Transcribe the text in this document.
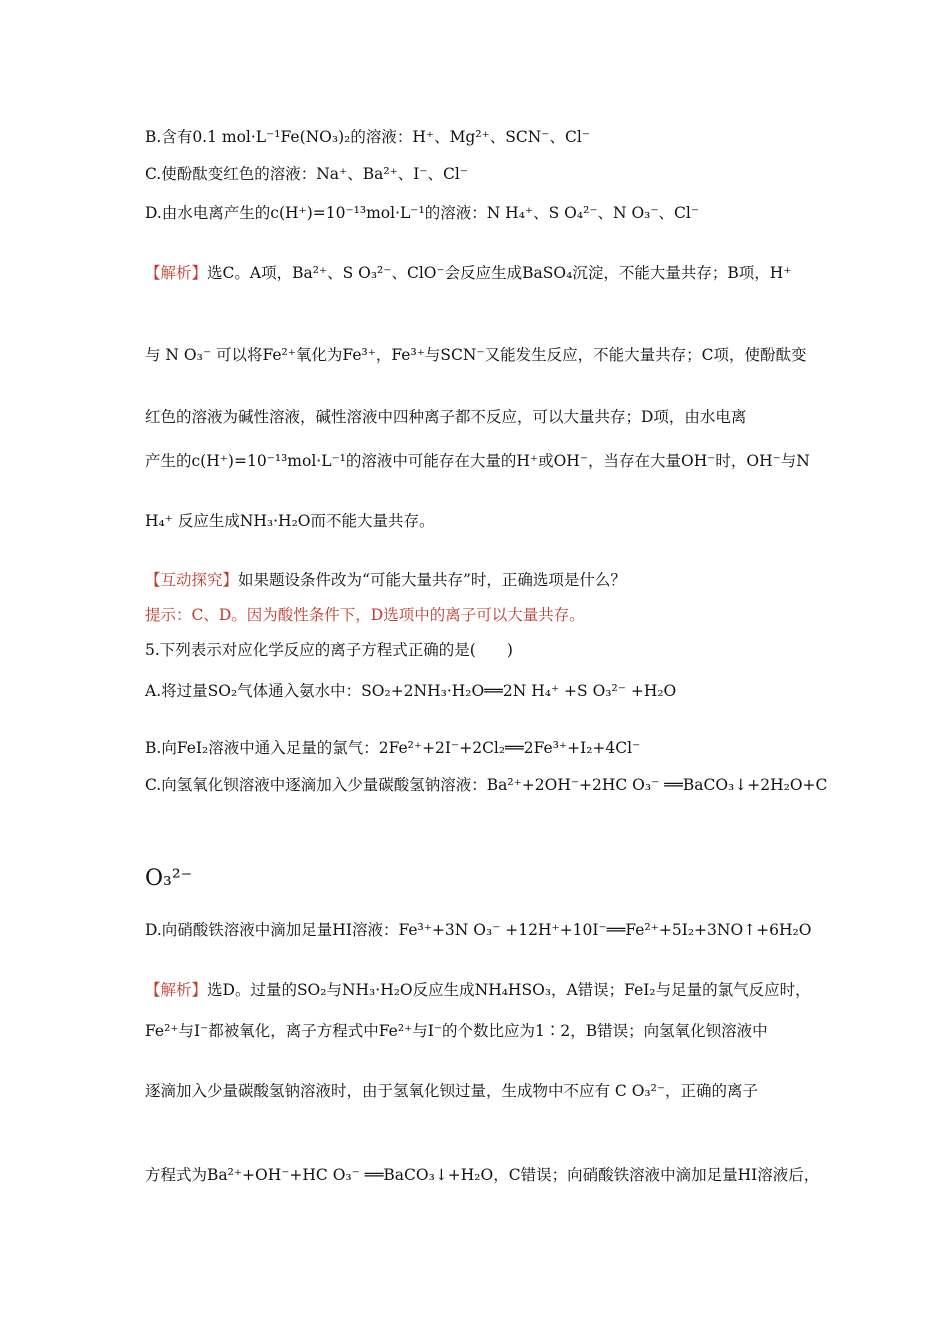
B.含有0.1 mol·L⁻¹Fe(NO₃)₂的溶液：H⁺、Mg²⁺、SCN⁻、Cl⁻
C.使酚酞变红色的溶液：Na⁺、Ba²⁺、I⁻、Cl⁻
D.由水电离产生的c(H⁺)=10⁻¹³mol·L⁻¹的溶液：N H₄⁺、S O₄²⁻、N O₃⁻、Cl⁻
【解析】选C。A项，Ba²⁺、S O₃²⁻、ClO⁻会反应生成BaSO₄沉淀，不能大量共存；B项，H⁺
与 N O₃⁻ 可以将Fe²⁺氧化为Fe³⁺，Fe³⁺与SCN⁻又能发生反应，不能大量共存；C项，使酚酞变
红色的溶液为碱性溶液，碱性溶液中四种离子都不反应，可以大量共存；D项，由水电离
产生的c(H⁺)=10⁻¹³mol·L⁻¹的溶液中可能存在大量的H⁺或OH⁻，当存在大量OH⁻时，OH⁻与N
H₄⁺ 反应生成NH₃·H₂O而不能大量共存。
【互动探究】如果题设条件改为“可能大量共存”时，正确选项是什么？
提示：C、D。因为酸性条件下，D选项中的离子可以大量共存。
5.下列表示对应化学反应的离子方程式正确的是(　　)
A.将过量SO₂气体通入氨水中：SO₂+2NH₃·H₂O══2N H₄⁺ +S O₃²⁻ +H₂O
B.向FeI₂溶液中通入足量的氯气：2Fe²⁺+2I⁻+2Cl₂══2Fe³⁺+I₂+4Cl⁻
C.向氢氧化钡溶液中逐滴加入少量碳酸氢钠溶液：Ba²⁺+2OH⁻+2HC O₃⁻ ══BaCO₃↓+2H₂O+C
O₃²⁻
D.向硝酸铁溶液中滴加足量HI溶液：Fe³⁺+3N O₃⁻ +12H⁺+10I⁻══Fe²⁺+5I₂+3NO↑+6H₂O
【解析】选D。过量的SO₂与NH₃·H₂O反应生成NH₄HSO₃，A错误；FeI₂与足量的氯气反应时，
Fe²⁺与I⁻都被氧化，离子方程式中Fe²⁺与I⁻的个数比应为1∶2，B错误；向氢氧化钡溶液中
逐滴加入少量碳酸氢钠溶液时，由于氢氧化钡过量，生成物中不应有 C O₃²⁻，正确的离子
方程式为Ba²⁺+OH⁻+HC O₃⁻ ══BaCO₃↓+H₂O，C错误；向硝酸铁溶液中滴加足量HI溶液后，
